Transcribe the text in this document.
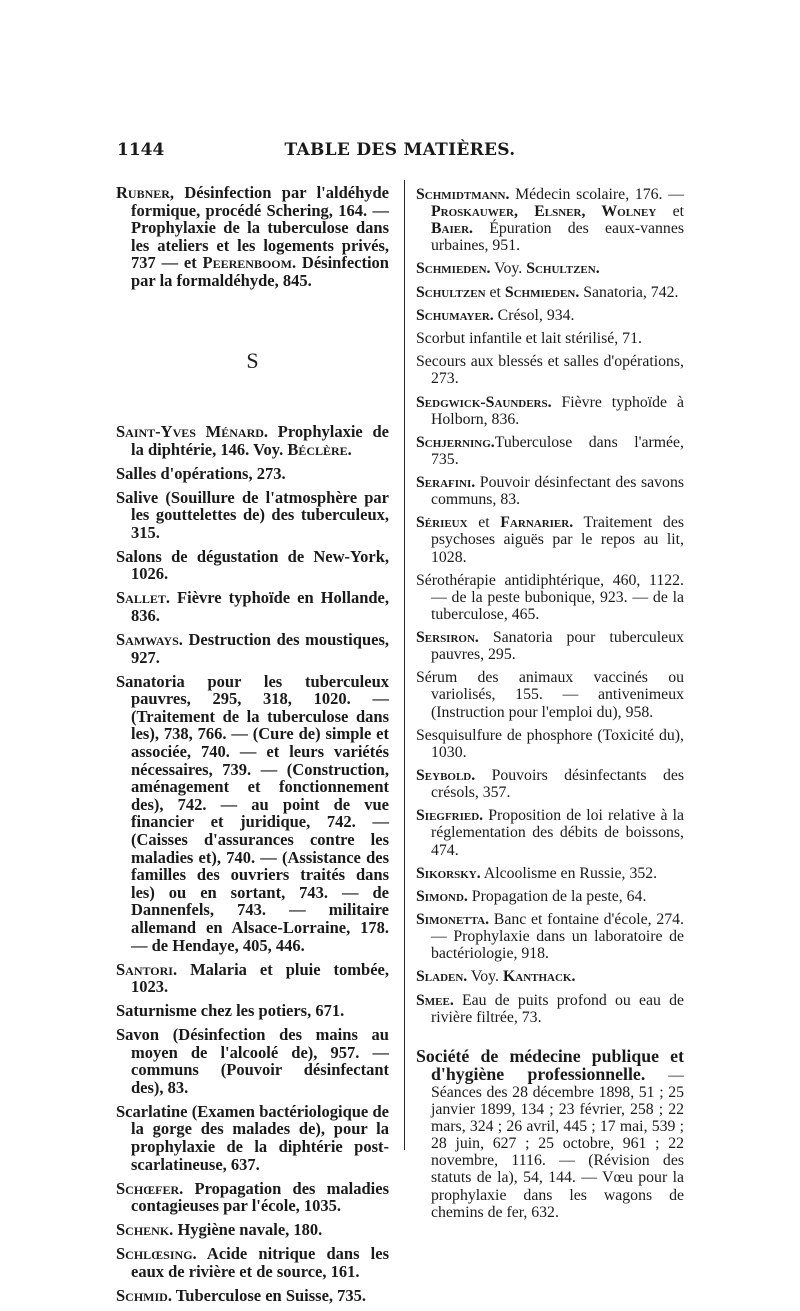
1144	TABLE DES MATIÈRES.
Rubner, Désinfection par l'aldéhyde formique, procédé Schering, 164. — Prophylaxie de la tuberculose dans les ateliers et les logements privés, 737 — et Peerenboom. Désinfection par la formaldéhyde, 845.
S
Saint-Yves Ménard. Prophylaxie de la diphtérie, 146. Voy. Béclère.
Salles d'opérations, 273.
Salive (Souillure de l'atmosphère par les gouttelettes de) des tuberculeux, 315.
Salons de dégustation de New-York, 1026.
Sallet. Fièvre typhoïde en Hollande, 836.
Samways. Destruction des moustiques, 927.
Sanatoria pour les tuberculeux pauvres, 295, 318, 1020. — (Traitement de la tuberculose dans les), 738, 766. — (Cure de) simple et associée, 740. — et leurs variétés nécessaires, 739. — (Construction, aménagement et fonctionnement des), 742. — au point de vue financier et juridique, 742. — (Caisses d'assurances contre les maladies et), 740. — (Assistance des familles des ouvriers traités dans les) ou en sortant, 743. — de Dannenfels, 743. — militaire allemand en Alsace-Lorraine, 178. — de Hendaye, 405, 446.
Santori. Malaria et pluie tombée, 1023.
Saturnisme chez les potiers, 671.
Savon (Désinfection des mains au moyen de l'alcoolé de), 957. — communs (Pouvoir désinfectant des), 83.
Scarlatine (Examen bactériologique de la gorge des malades de), pour la prophylaxie de la diphtérie post-scarlatineuse, 637.
Schœfer. Propagation des maladies contagieuses par l'école, 1035.
Schenk. Hygiène navale, 180.
Schlœsing. Acide nitrique dans les eaux de rivière et de source, 161.
Schmid. Tuberculose en Suisse, 735.
Schmidtmann. Médecin scolaire, 176. — Proskauwer, Elsner, Wolney et Baier. Épuration des eaux-vannes urbaines, 951.
Schmieden. Voy. Schultzen.
Schultzen et Schmieden. Sanatoria, 742.
Schumayer. Crésol, 934.
Scorbut infantile et lait stérilisé, 71.
Secours aux blessés et salles d'opérations, 273.
Sedgwick-Saunders. Fièvre typhoïde à Holborn, 836.
Schjerning.Tuberculose dans l'armée, 735.
Serafini. Pouvoir désinfectant des savons communs, 83.
Sérieux et Farnarier. Traitement des psychoses aiguës par le repos au lit, 1028.
Sérothérapie antidiphtérique, 460, 1122. — de la peste bubonique, 923. — de la tuberculose, 465.
Sersiron. Sanatoria pour tuberculeux pauvres, 295.
Sérum des animaux vaccinés ou variolisés, 155. — antivenimeux (Instruction pour l'emploi du), 958.
Sesquisulfure de phosphore (Toxicité du), 1030.
Seybold. Pouvoirs désinfectants des crésols, 357.
Siegfried. Proposition de loi relative à la réglementation des débits de boissons, 474.
Sikorsky. Alcoolisme en Russie, 352.
Simond. Propagation de la peste, 64.
Simonetta. Banc et fontaine d'école, 274. — Prophylaxie dans un laboratoire de bactériologie, 918.
Sladen. Voy. Kanthack.
Smee. Eau de puits profond ou eau de rivière filtrée, 73.
Société de médecine publique et d'hygiène professionnelle. — Séances des 28 décembre 1898, 51 ; 25 janvier 1899, 134 ; 23 février, 258 ; 22 mars, 324 ; 26 avril, 445 ; 17 mai, 539 ; 28 juin, 627 ; 25 octobre, 961 ; 22 novembre, 1116. — (Révision des statuts de la), 54, 144. — Vœu pour la prophylaxie dans les wagons de chemins de fer, 632.
